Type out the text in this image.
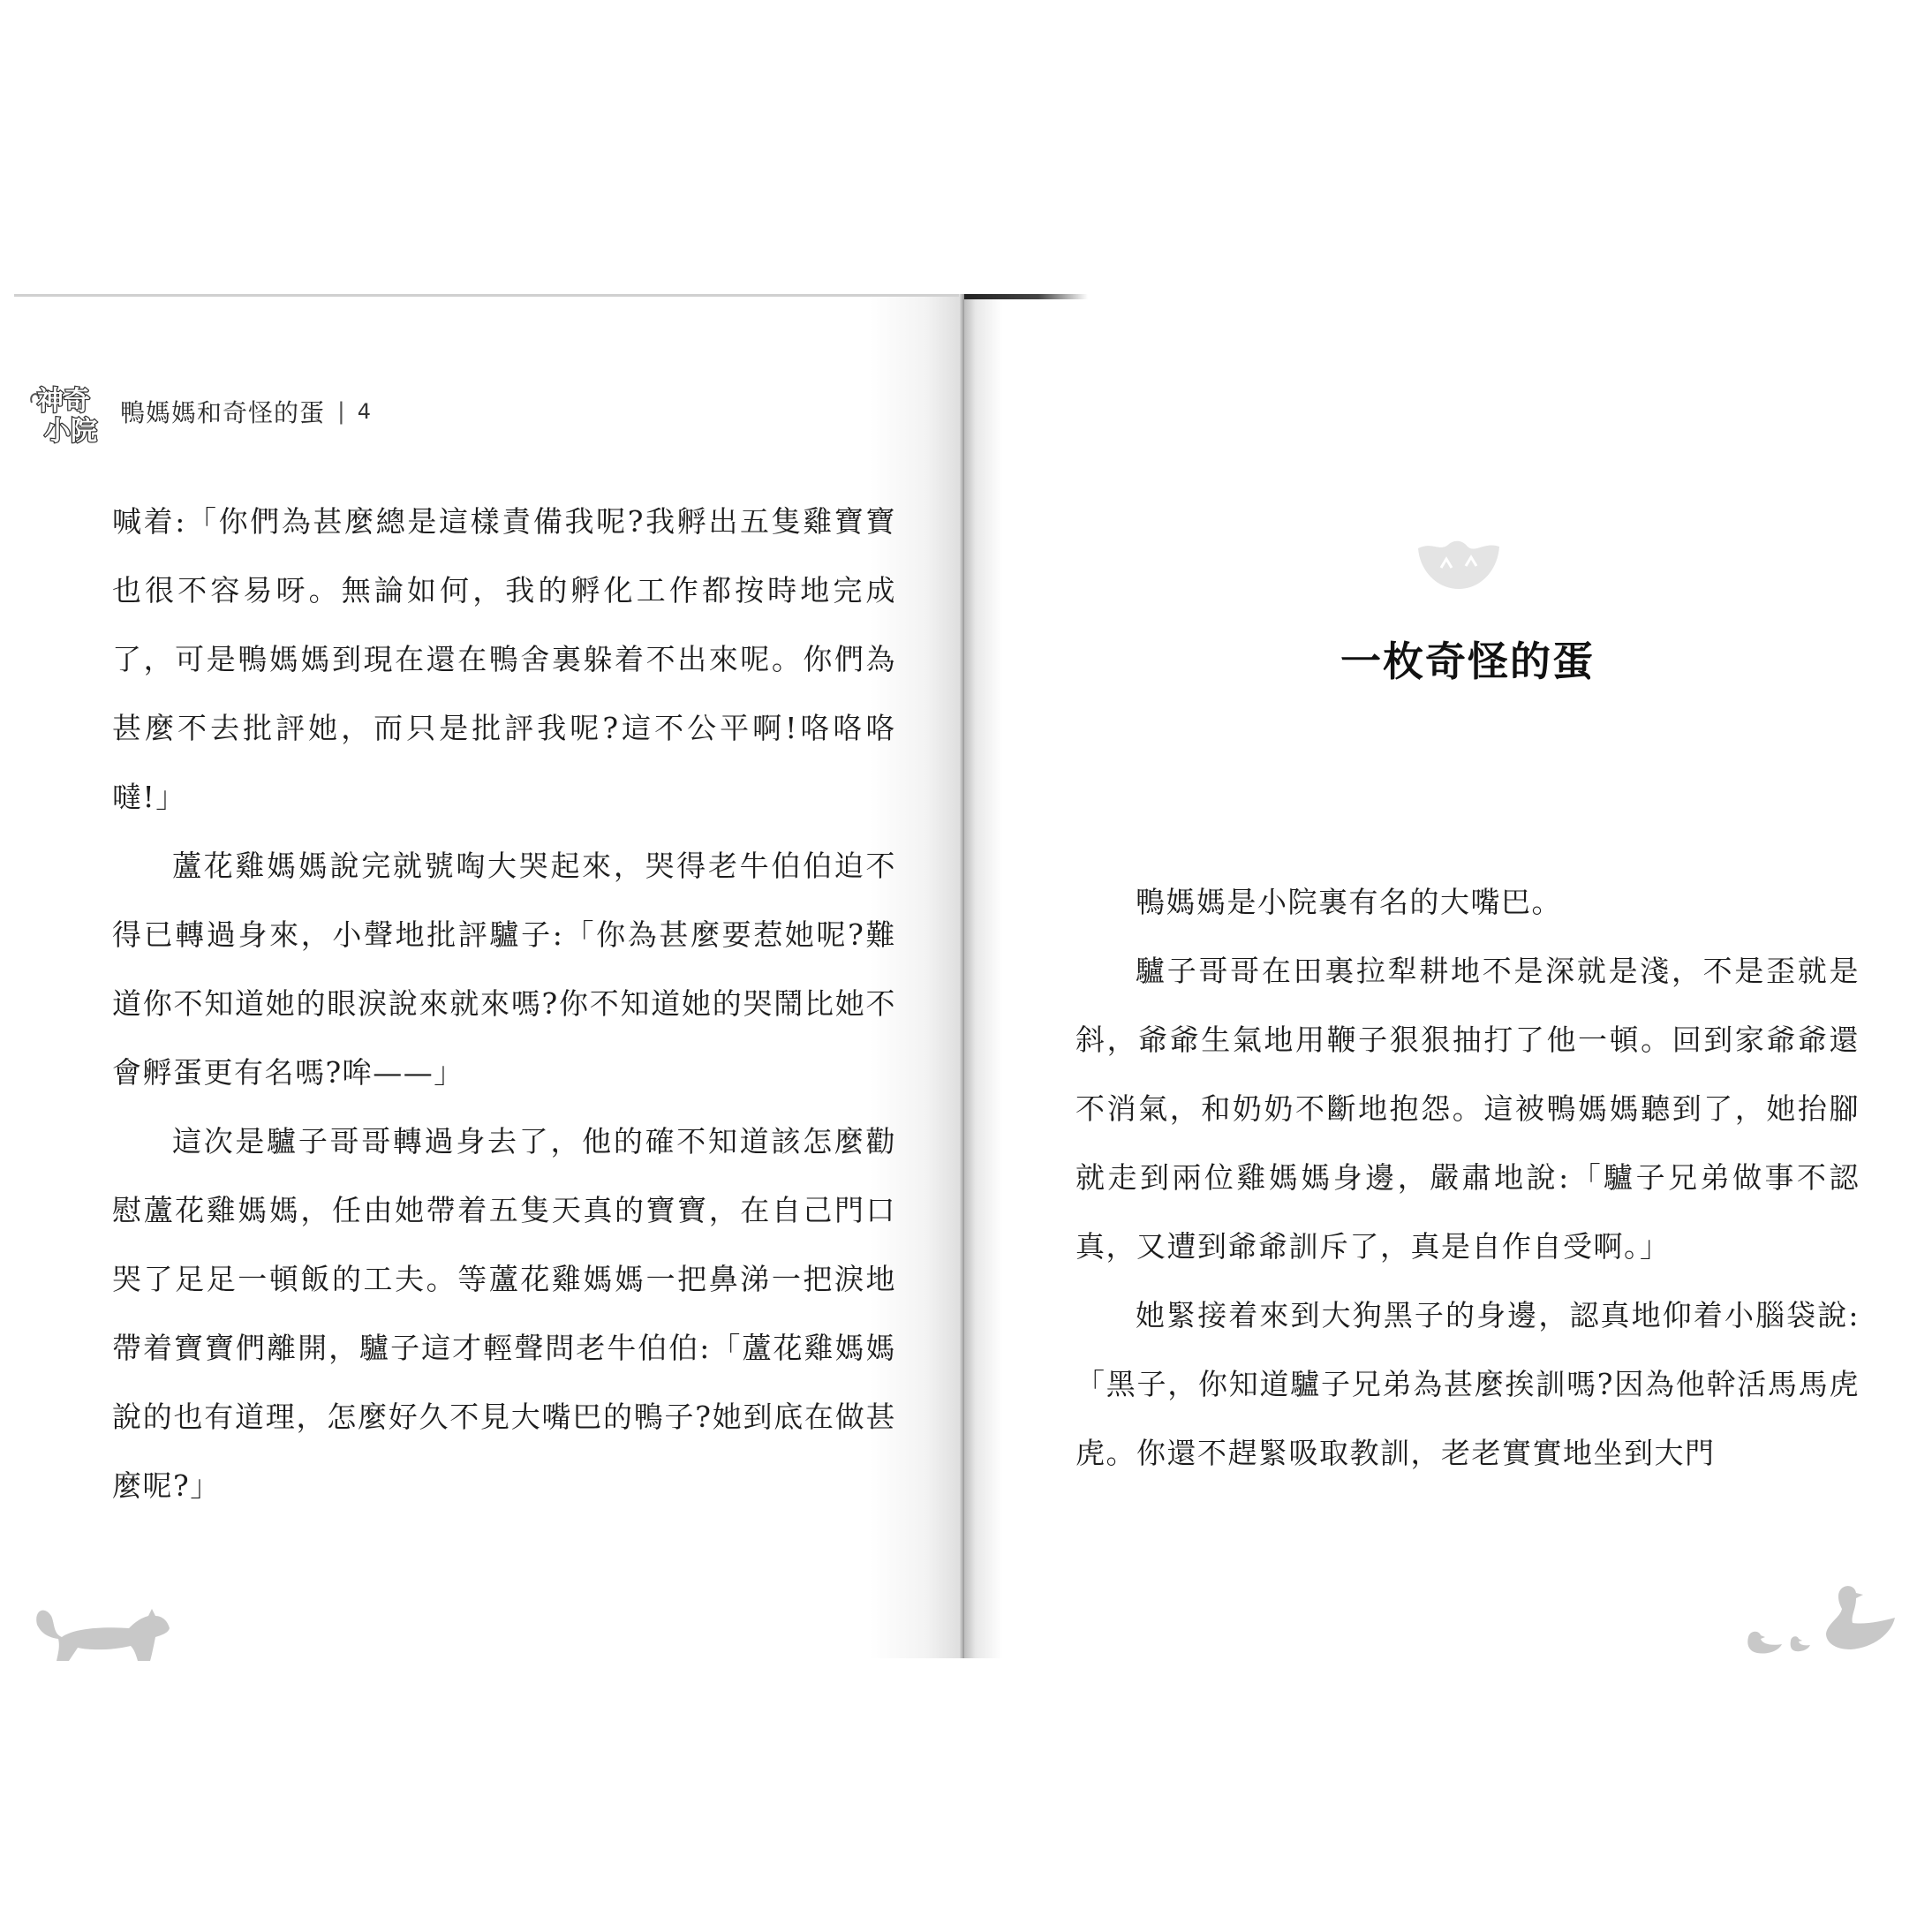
神奇
小院
鴨媽媽和奇怪的蛋 | 4

喊着:「你們為甚麼總是這樣責備我呢?我孵出五隻雞寶寶也很不容易呀。無論如何，我的孵化工作都按時地完成了，可是鴨媽媽到現在還在鴨舍裏躲着不出來呢。你們為甚麼不去批評她，而只是批評我呢?這不公平啊!咯咯咯噠!」

蘆花雞媽媽說完就號啕大哭起來，哭得老牛伯伯迫不得已轉過身來，小聲地批評驢子:「你為甚麼要惹她呢?難道你不知道她的眼淚說來就來嗎?你不知道她的哭鬧比她不會孵蛋更有名嗎?哞——」

這次是驢子哥哥轉過身去了，他的確不知道該怎麼勸慰蘆花雞媽媽，任由她帶着五隻天真的寶寶，在自己門口哭了足足一頓飯的工夫。等蘆花雞媽媽一把鼻涕一把淚地帶着寶寶們離開，驢子這才輕聲問老牛伯伯:「蘆花雞媽媽說的也有道理，怎麼好久不見大嘴巴的鴨子?她到底在做甚麼呢?」

一枚奇怪的蛋

鴨媽媽是小院裏有名的大嘴巴。

驢子哥哥在田裏拉犁耕地不是深就是淺，不是歪就是斜，爺爺生氣地用鞭子狠狠抽打了他一頓。回到家爺爺還不消氣，和奶奶不斷地抱怨。這被鴨媽媽聽到了，她抬腳就走到兩位雞媽媽身邊，嚴肅地說:「驢子兄弟做事不認真，又遭到爺爺訓斥了，真是自作自受啊。」

她緊接着來到大狗黑子的身邊，認真地仰着小腦袋說:「黑子，你知道驢子兄弟為甚麼挨訓嗎?因為他幹活馬馬虎虎。你還不趕緊吸取教訓，老老實實地坐到大門
